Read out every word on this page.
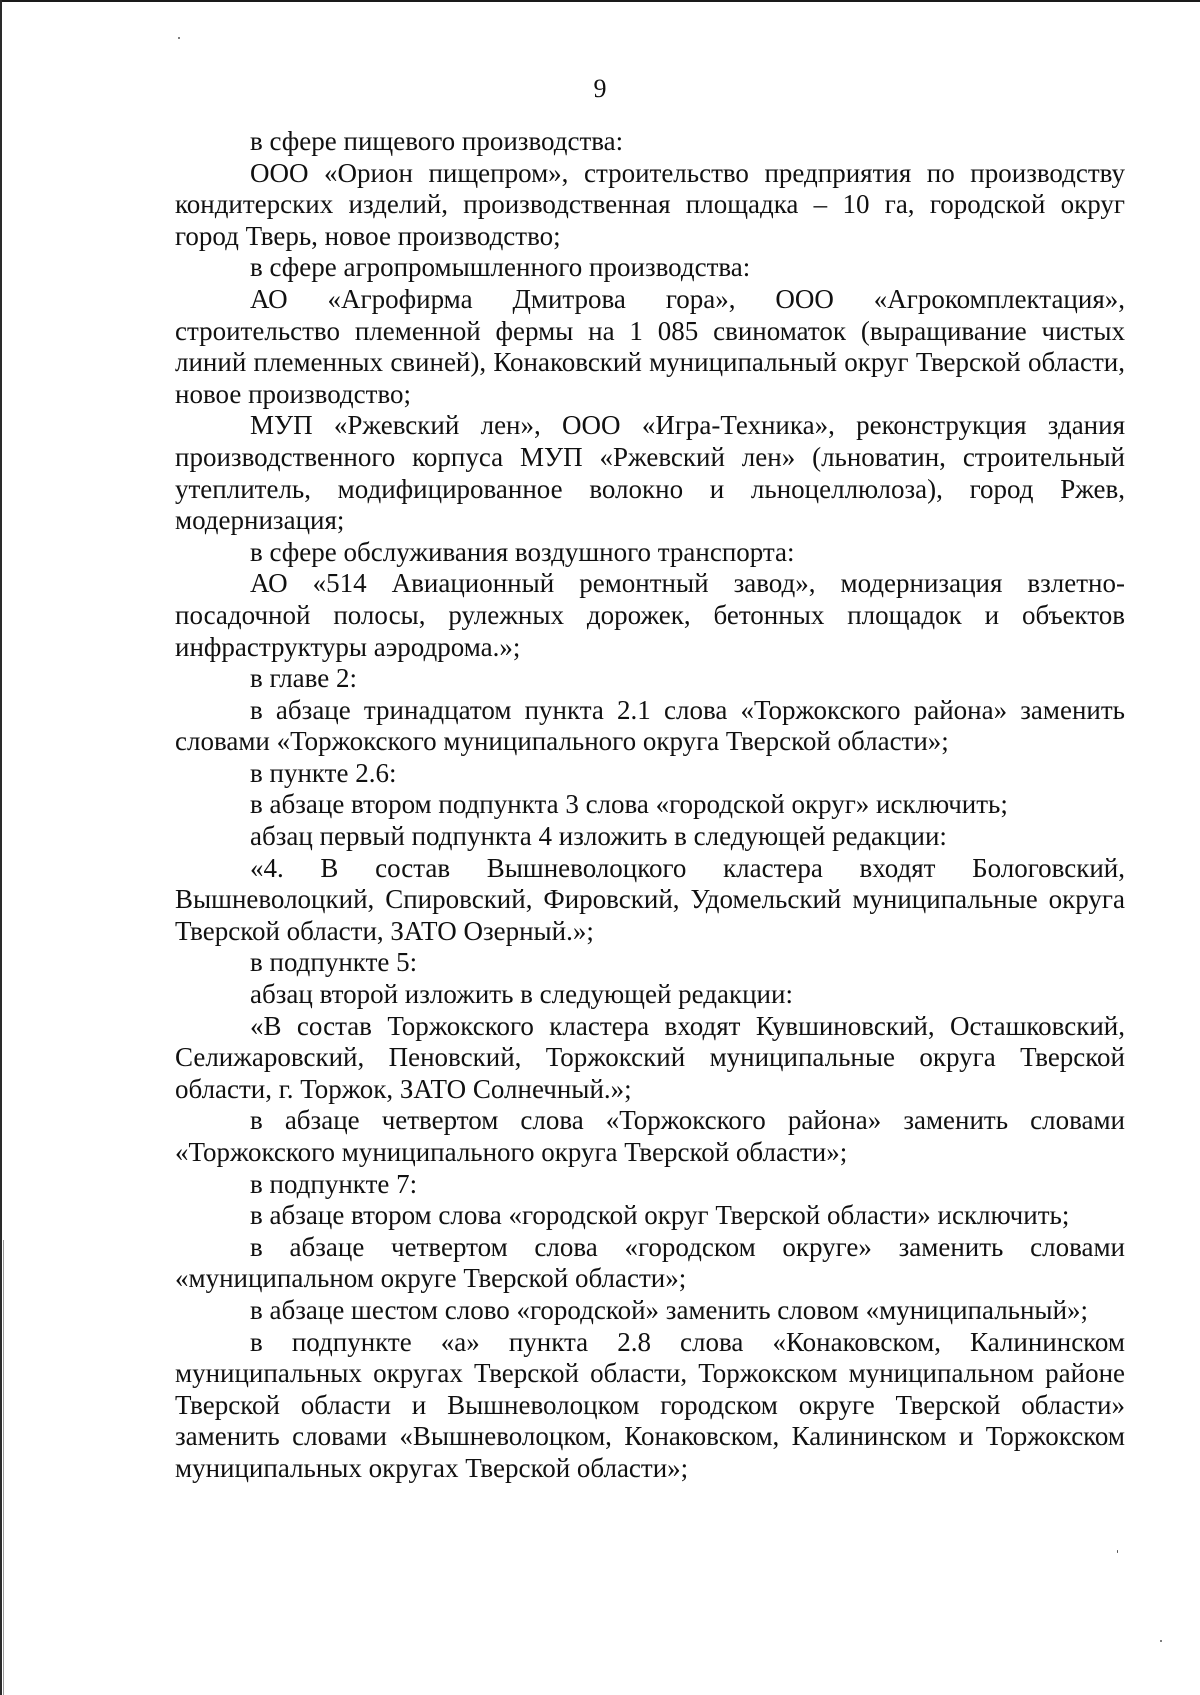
9

в сфере пищевого производства:

ООО «Орион пищепром», строительство предприятия по производству кондитерских изделий, производственная площадка – 10 га, городской округ город Тверь, новое производство;

в сфере агропромышленного производства:

АО «Агрофирма Дмитрова гора», ООО «Агрокомплектация», строительство племенной фермы на 1 085 свиноматок (выращивание чистых линий племенных свиней), Конаковский муниципальный округ Тверской области, новое производство;

МУП «Ржевский лен», ООО «Игра-Техника», реконструкция здания производственного корпуса МУП «Ржевский лен» (льноватин, строительный утеплитель, модифицированное волокно и льноцеллюлоза), город Ржев, модернизация;

в сфере обслуживания воздушного транспорта:

АО «514 Авиационный ремонтный завод», модернизация взлетно-посадочной полосы, рулежных дорожек, бетонных площадок и объектов инфраструктуры аэродрома.»;

в главе 2:

в абзаце тринадцатом пункта 2.1 слова «Торжокского района» заменить словами «Торжокского муниципального округа Тверской области»;

в пункте 2.6:

в абзаце втором подпункта 3 слова «городской округ» исключить;

абзац первый подпункта 4 изложить в следующей редакции:

«4. В состав Вышневолоцкого кластера входят Бологовский, Вышневолоцкий, Спировский, Фировский, Удомельский муниципальные округа Тверской области, ЗАТО Озерный.»;

в подпункте 5:

абзац второй изложить в следующей редакции:

«В состав Торжокского кластера входят Кувшиновский, Осташковский, Селижаровский, Пеновский, Торжокский муниципальные округа Тверской области, г. Торжок, ЗАТО Солнечный.»;

в абзаце четвертом слова «Торжокского района» заменить словами «Торжокского муниципального округа Тверской области»;

в подпункте 7:

в абзаце втором слова «городской округ Тверской области» исключить;

в абзаце четвертом слова «городском округе» заменить словами «муниципальном округе Тверской области»;

в абзаце шестом слово «городской» заменить словом «муниципальный»;

в подпункте «а» пункта 2.8 слова «Конаковском, Калининском муниципальных округах Тверской области, Торжокском муниципальном районе Тверской области и Вышневолоцком городском округе Тверской области» заменить словами «Вышневолоцком, Конаковском, Калининском и Торжокском муниципальных округах Тверской области»;
